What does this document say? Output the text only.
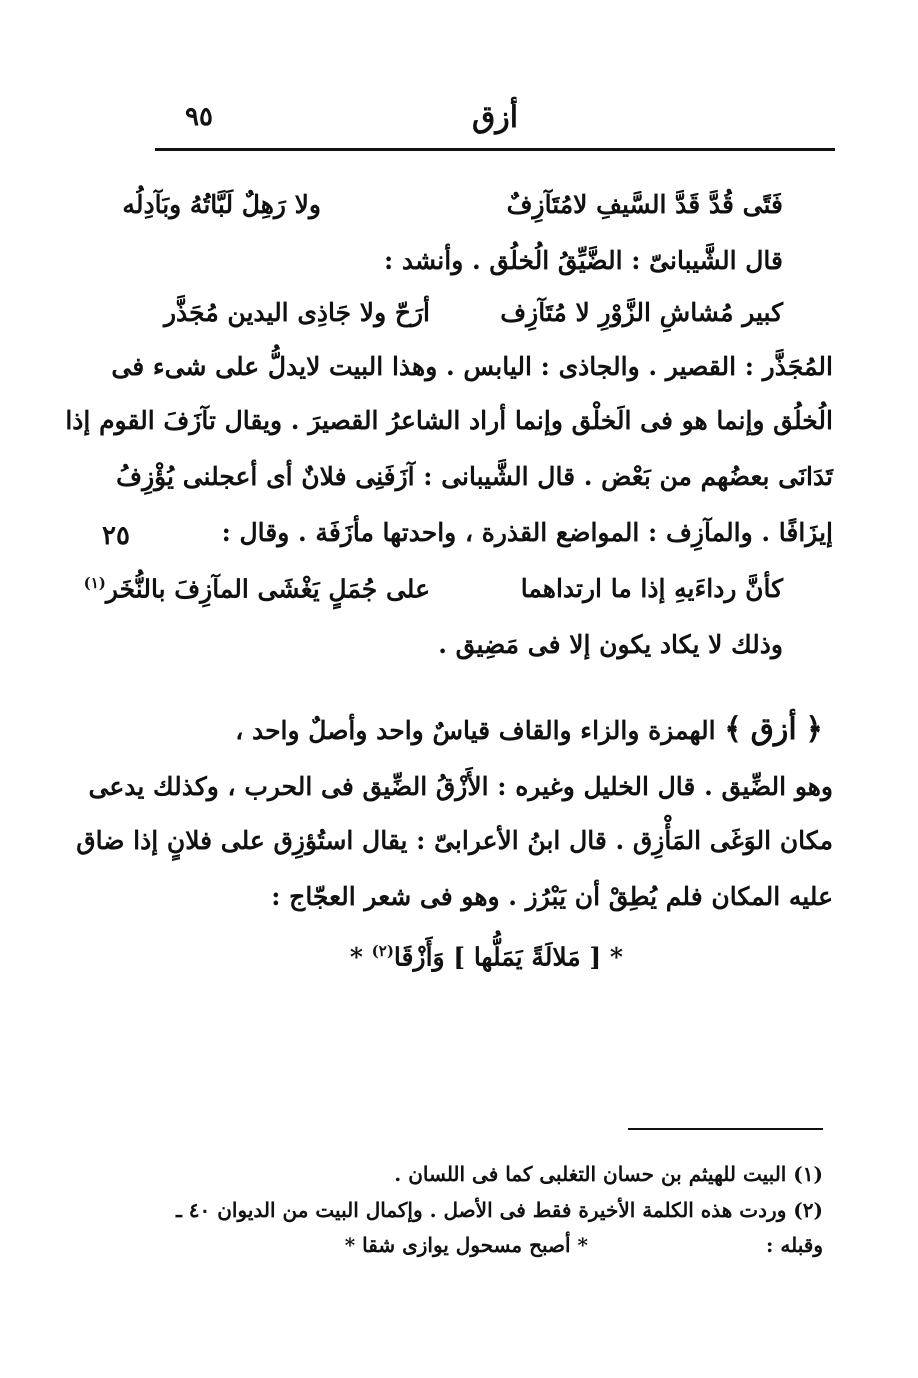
أزق
٩٥
٢٥
فَتًى قُدَّ قَدَّ السَّيفِ لامُتَآزِفٌ
ولا رَهِلٌ لَبَّاتُهُ وبَآدِلُه
قال الشَّيبانىّ : الضَّيِّقُ الُخلُق . وأنشد :
كبير مُشاشِ الزَّوْرِ لا مُتَآزِف
أرَحّ ولا جَاذِى اليدين مُجَذَّر
المُجَذَّر : القصير . والجاذى : اليابس . وهذا البيت لايدلُّ على شىء فى
الُخلُق وإنما هو فى الَخلْق وإنما أراد الشاعرُ القصيرَ . ويقال تآزَفَ القوم إذا
تَدَانَى بعضُهم من بَعْض . قال الشَّيبانى : آزَفَنِى فلانٌ أى أعجلنى يُؤْزِفُ
إيزَافًا . والمآزِف : المواضع القذرة ، واحدتها مأزَفَة . وقال :
كأنَّ رداءَيهِ إذا ما ارتداهما
على جُمَلٍ يَغْشَى المآزِفَ بالنُّخَر$^{(١)}$
وذلك لا يكاد يكون إلا فى مَضِيق .
﴿ أزق ﴾ الهمزة والزاء والقاف قياسٌ واحد وأصلٌ واحد ،
وهو الضِّيق . قال الخليل وغيره : الأَزْقُ الضِّيق فى الحرب ، وكذلك يدعى
مكان الوَغَى المَأْزِق . قال ابنُ الأعرابىّ : يقال استُؤزِق على فلانٍ إذا ضاق
عليه المكان فلم يُطِقْ أن يَبْرُز . وهو فى شعر العجّاج :
* [ مَلالَةً يَمَلُّها ] وَأَزْقَا$^{(٢)}$ *
(١) البيت للهيثم بن حسان التغلبى كما فى اللسان .
(٢) وردت هذه الكلمة الأخيرة فقط فى الأصل . وإكمال البيت من الديوان ٤٠ ـ
وقبله :
* أصبح مسحول يوازى شقا *
